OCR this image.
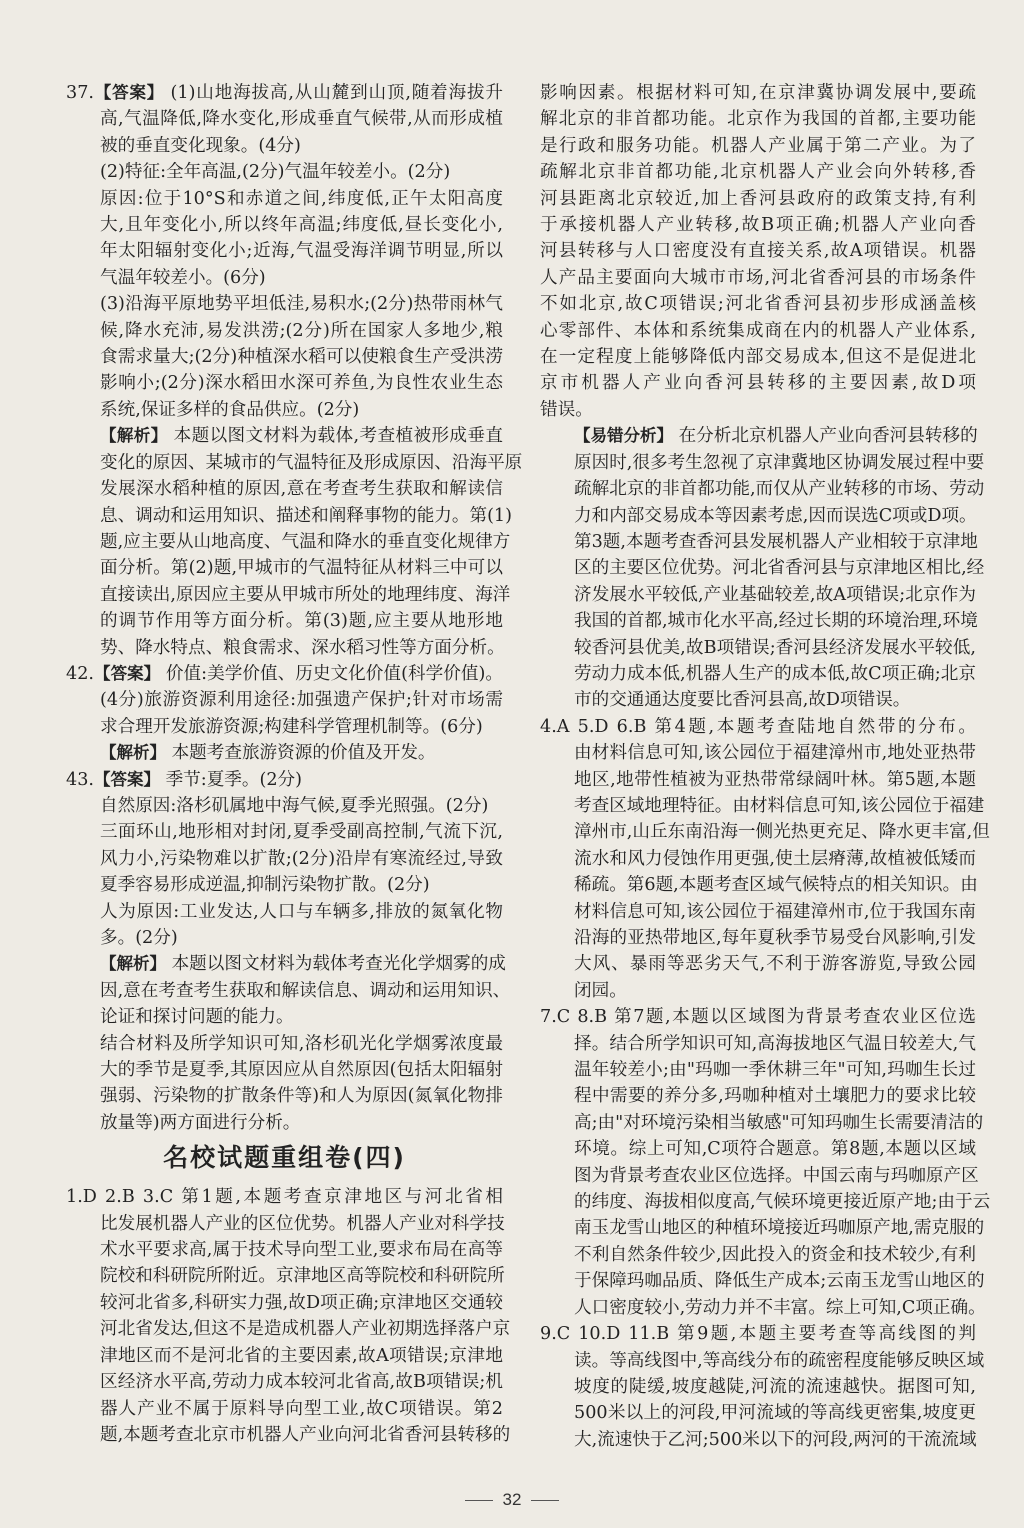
37.【答案】 (1)山地海拔高,从山麓到山顶,随着海拔升

高,气温降低,降水变化,形成垂直气候带,从而形成植

被的垂直变化现象。(4分)

(2)特征:全年高温,(2分)气温年较差小。(2分)

原因:位于10°S和赤道之间,纬度低,正午太阳高度

大,且年变化小,所以终年高温;纬度低,昼长变化小,

年太阳辐射变化小;近海,气温受海洋调节明显,所以

气温年较差小。(6分)

(3)沿海平原地势平坦低洼,易积水;(2分)热带雨林气

候,降水充沛,易发洪涝;(2分)所在国家人多地少,粮

食需求量大;(2分)种植深水稻可以使粮食生产受洪涝

影响小;(2分)深水稻田水深可养鱼,为良性农业生态

系统,保证多样的食品供应。(2分)

【解析】 本题以图文材料为载体,考查植被形成垂直

变化的原因、某城市的气温特征及形成原因、沿海平原

发展深水稻种植的原因,意在考查考生获取和解读信

息、调动和运用知识、描述和阐释事物的能力。第(1)

题,应主要从山地高度、气温和降水的垂直变化规律方

面分析。第(2)题,甲城市的气温特征从材料三中可以

直接读出,原因应主要从甲城市所处的地理纬度、海洋

的调节作用等方面分析。第(3)题,应主要从地形地

势、降水特点、粮食需求、深水稻习性等方面分析。

42.【答案】 价值:美学价值、历史文化价值(科学价值)。

(4分)旅游资源利用途径:加强遗产保护;针对市场需

求合理开发旅游资源;构建科学管理机制等。(6分)

【解析】 本题考查旅游资源的价值及开发。

43.【答案】 季节:夏季。(2分)

自然原因:洛杉矶属地中海气候,夏季光照强。(2分)

三面环山,地形相对封闭,夏季受副高控制,气流下沉,

风力小,污染物难以扩散;(2分)沿岸有寒流经过,导致

夏季容易形成逆温,抑制污染物扩散。(2分)

人为原因:工业发达,人口与车辆多,排放的氮氧化物

多。(2分)

【解析】 本题以图文材料为载体考查光化学烟雾的成

因,意在考查考生获取和解读信息、调动和运用知识、

论证和探讨问题的能力。

结合材料及所学知识可知,洛杉矶光化学烟雾浓度最

大的季节是夏季,其原因应从自然原因(包括太阳辐射

强弱、污染物的扩散条件等)和人为原因(氮氧化物排

放量等)两方面进行分析。

名校试题重组卷(四)

1.D 2.B 3.C 第1题,本题考查京津地区与河北省相

比发展机器人产业的区位优势。机器人产业对科学技

术水平要求高,属于技术导向型工业,要求布局在高等

院校和科研院所附近。京津地区高等院校和科研院所

较河北省多,科研实力强,故D项正确;京津地区交通较

河北省发达,但这不是造成机器人产业初期选择落户京

津地区而不是河北省的主要因素,故A项错误;京津地

区经济水平高,劳动力成本较河北省高,故B项错误;机

器人产业不属于原料导向型工业,故C项错误。第2

题,本题考查北京市机器人产业向河北省香河县转移的

影响因素。根据材料可知,在京津冀协调发展中,要疏

解北京的非首都功能。北京作为我国的首都,主要功能

是行政和服务功能。机器人产业属于第二产业。为了

疏解北京非首都功能,北京机器人产业会向外转移,香

河县距离北京较近,加上香河县政府的政策支持,有利

于承接机器人产业转移,故B项正确;机器人产业向香

河县转移与人口密度没有直接关系,故A项错误。机器

人产品主要面向大城市市场,河北省香河县的市场条件

不如北京,故C项错误;河北省香河县初步形成涵盖核

心零部件、本体和系统集成商在内的机器人产业体系,

在一定程度上能够降低内部交易成本,但这不是促进北

京市机器人产业向香河县转移的主要因素,故D项

错误。

【易错分析】 在分析北京机器人产业向香河县转移的

原因时,很多考生忽视了京津冀地区协调发展过程中要

疏解北京的非首都功能,而仅从产业转移的市场、劳动

力和内部交易成本等因素考虑,因而误选C项或D项。

第3题,本题考查香河县发展机器人产业相较于京津地

区的主要区位优势。河北省香河县与京津地区相比,经

济发展水平较低,产业基础较差,故A项错误;北京作为

我国的首都,城市化水平高,经过长期的环境治理,环境

较香河县优美,故B项错误;香河县经济发展水平较低,

劳动力成本低,机器人生产的成本低,故C项正确;北京

市的交通通达度要比香河县高,故D项错误。

4.A 5.D 6.B 第4题,本题考查陆地自然带的分布。

由材料信息可知,该公园位于福建漳州市,地处亚热带

地区,地带性植被为亚热带常绿阔叶林。第5题,本题

考查区域地理特征。由材料信息可知,该公园位于福建

漳州市,山丘东南沿海一侧光热更充足、降水更丰富,但

流水和风力侵蚀作用更强,使土层瘠薄,故植被低矮而

稀疏。第6题,本题考查区域气候特点的相关知识。由

材料信息可知,该公园位于福建漳州市,位于我国东南

沿海的亚热带地区,每年夏秋季节易受台风影响,引发

大风、暴雨等恶劣天气,不利于游客游览,导致公园

闭园。

7.C 8.B 第7题,本题以区域图为背景考查农业区位选

择。结合所学知识可知,高海拔地区气温日较差大,气

温年较差小;由"玛咖一季休耕三年"可知,玛咖生长过

程中需要的养分多,玛咖种植对土壤肥力的要求比较

高;由"对环境污染相当敏感"可知玛咖生长需要清洁的

环境。综上可知,C项符合题意。第8题,本题以区域

图为背景考查农业区位选择。中国云南与玛咖原产区

的纬度、海拔相似度高,气候环境更接近原产地;由于云

南玉龙雪山地区的种植环境接近玛咖原产地,需克服的

不利自然条件较少,因此投入的资金和技术较少,有利

于保障玛咖品质、降低生产成本;云南玉龙雪山地区的

人口密度较小,劳动力并不丰富。综上可知,C项正确。

9.C 10.D 11.B 第9题,本题主要考查等高线图的判

读。等高线图中,等高线分布的疏密程度能够反映区域

坡度的陡缓,坡度越陡,河流的流速越快。据图可知,

500米以上的河段,甲河流域的等高线更密集,坡度更

大,流速快于乙河;500米以下的河段,两河的干流流域

32
